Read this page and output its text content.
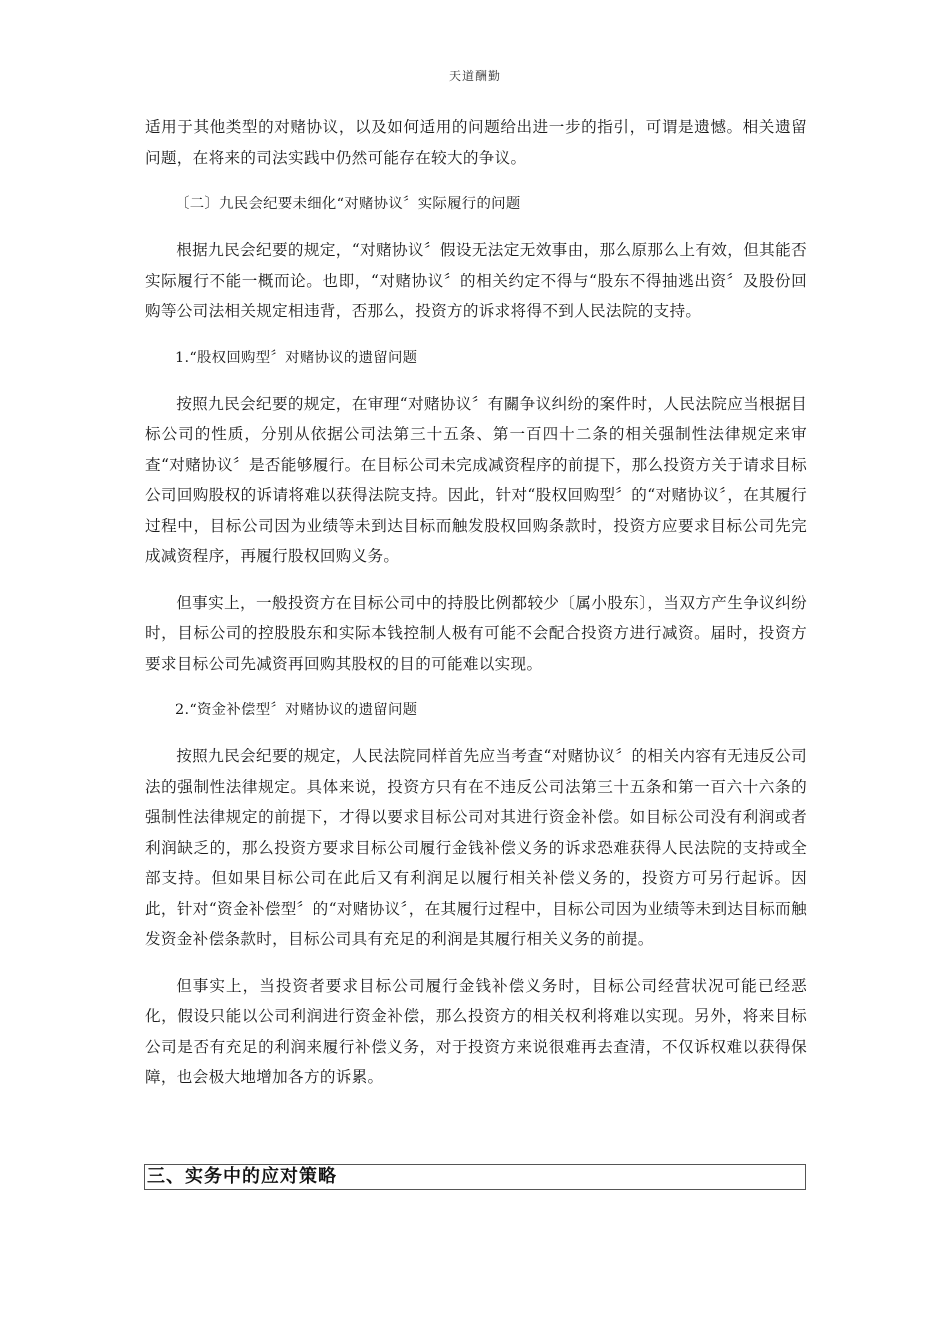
天道酬勤

适用于其他类型的对赌协议，以及如何适用的问题给出进一步的指引，可谓是遗憾。相关遗留问题，在将来的司法实践中仍然可能存在较大的争议。

〔二〕九民会纪要未细化“对赌协议〞实际履行的问题

根据九民会纪要的规定，“对赌协议〞假设无法定无效事由，那么原那么上有效，但其能否实际履行不能一概而论。也即，“对赌协议〞的相关约定不得与“股东不得抽逃出资〞及股份回购等公司法相关规定相违背，否那么，投资方的诉求将得不到人民法院的支持。

1.“股权回购型〞对赌协议的遗留问题

按照九民会纪要的规定，在审理“对赌协议〞有關争议纠纷的案件时，人民法院应当根据目标公司的性质，分别从依据公司法第三十五条、第一百四十二条的相关强制性法律规定来审查“对赌协议〞是否能够履行。在目标公司未完成减资程序的前提下，那么投资方关于请求目标公司回购股权的诉请将难以获得法院支持。因此，针对“股权回购型〞的“对赌协议〞，在其履行过程中，目标公司因为业绩等未到达目标而触发股权回购条款时，投资方应要求目标公司先完成减资程序，再履行股权回购义务。

但事实上，一般投资方在目标公司中的持股比例都较少〔属小股东〕，当双方产生争议纠纷时，目标公司的控股股东和实际本钱控制人极有可能不会配合投资方进行减资。届时，投资方要求目标公司先减资再回购其股权的目的可能难以实现。

2.“资金补偿型〞对赌协议的遗留问题

按照九民会纪要的规定，人民法院同样首先应当考查“对赌协议〞的相关内容有无违反公司法的强制性法律规定。具体来说，投资方只有在不违反公司法第三十五条和第一百六十六条的强制性法律规定的前提下，才得以要求目标公司对其进行资金补偿。如目标公司没有利润或者利润缺乏的，那么投资方要求目标公司履行金钱补偿义务的诉求恐难获得人民法院的支持或全部支持。但如果目标公司在此后又有利润足以履行相关补偿义务的，投资方可另行起诉。因此，针对“资金补偿型〞的“对赌协议〞，在其履行过程中，目标公司因为业绩等未到达目标而触发资金补偿条款时，目标公司具有充足的利润是其履行相关义务的前提。

但事实上，当投资者要求目标公司履行金钱补偿义务时，目标公司经营状况可能已经恶化，假设只能以公司利润进行资金补偿，那么投资方的相关权利将难以实现。另外，将来目标公司是否有充足的利润来履行补偿义务，对于投资方来说很难再去查清，不仅诉权难以获得保障，也会极大地增加各方的诉累。

三、实务中的应对策略
